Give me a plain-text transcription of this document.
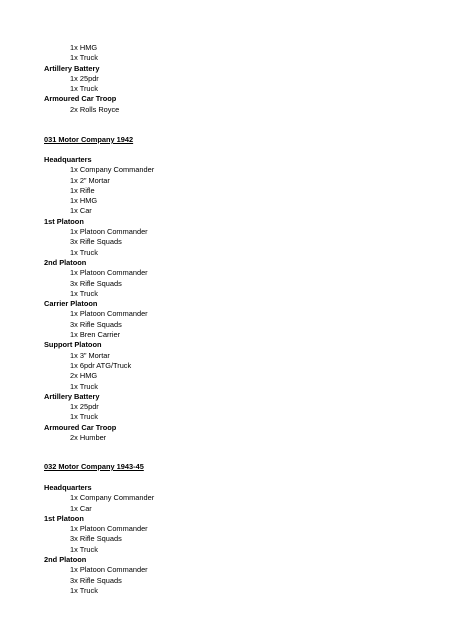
1x HMG
1x Truck
Artillery Battery
1x 25pdr
1x Truck
Armoured Car Troop
2x Rolls Royce
031 Motor Company 1942
Headquarters
1x Company Commander
1x 2” Mortar
1x Rifle
1x HMG
1x Car
1st Platoon
1x Platoon Commander
3x Rifle Squads
1x Truck
2nd Platoon
1x Platoon Commander
3x Rifle Squads
1x Truck
Carrier Platoon
1x Platoon Commander
3x Rifle Squads
1x Bren Carrier
Support Platoon
1x 3” Mortar
1x 6pdr ATG/Truck
2x HMG
1x Truck
Artillery Battery
1x 25pdr
1x Truck
Armoured Car Troop
2x Humber
032 Motor Company 1943-45
Headquarters
1x Company Commander
1x Car
1st Platoon
1x Platoon Commander
3x Rifle Squads
1x Truck
2nd Platoon
1x Platoon Commander
3x Rifle Squads
1x Truck
